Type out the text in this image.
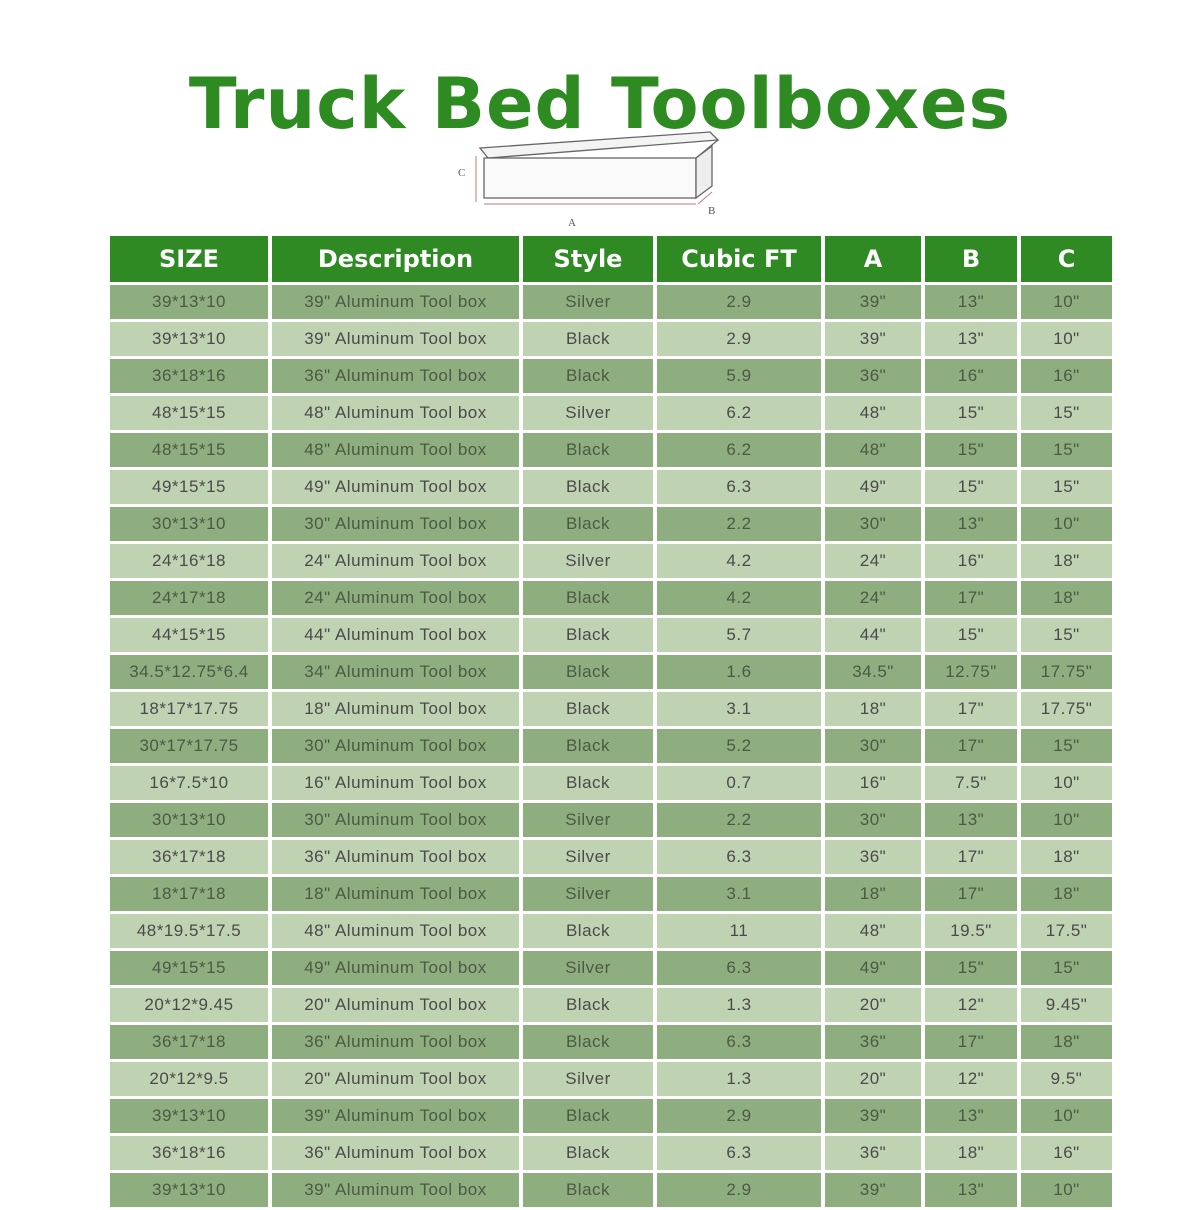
Truck Bed Toolboxes
C
A
B
SIZE	Description	Style	Cubic FT	A	B	C
39*13*10	39" Aluminum Tool box	Silver	2.9	39"	13"	10"
39*13*10	39" Aluminum Tool box	Black	2.9	39"	13"	10"
36*18*16	36" Aluminum Tool box	Black	5.9	36"	16"	16"
48*15*15	48" Aluminum Tool box	Silver	6.2	48"	15"	15"
48*15*15	48" Aluminum Tool box	Black	6.2	48"	15"	15"
49*15*15	49" Aluminum Tool box	Black	6.3	49"	15"	15"
30*13*10	30" Aluminum Tool box	Black	2.2	30"	13"	10"
24*16*18	24" Aluminum Tool box	Silver	4.2	24"	16"	18"
24*17*18	24" Aluminum Tool box	Black	4.2	24"	17"	18"
44*15*15	44" Aluminum Tool box	Black	5.7	44"	15"	15"
34.5*12.75*6.4	34" Aluminum Tool box	Black	1.6	34.5"	12.75"	17.75"
18*17*17.75	18" Aluminum Tool box	Black	3.1	18"	17"	17.75"
30*17*17.75	30" Aluminum Tool box	Black	5.2	30"	17"	15"
16*7.5*10	16" Aluminum Tool box	Black	0.7	16"	7.5"	10"
30*13*10	30" Aluminum Tool box	Silver	2.2	30"	13"	10"
36*17*18	36" Aluminum Tool box	Silver	6.3	36"	17"	18"
18*17*18	18" Aluminum Tool box	Silver	3.1	18"	17"	18"
48*19.5*17.5	48" Aluminum Tool box	Black	11	48"	19.5"	17.5"
49*15*15	49" Aluminum Tool box	Silver	6.3	49"	15"	15"
20*12*9.45	20" Aluminum Tool box	Black	1.3	20"	12"	9.45"
36*17*18	36" Aluminum Tool box	Black	6.3	36"	17"	18"
20*12*9.5	20" Aluminum Tool box	Silver	1.3	20"	12"	9.5"
39*13*10	39" Aluminum Tool box	Black	2.9	39"	13"	10"
36*18*16	36" Aluminum Tool box	Black	6.3	36"	18"	16"
39*13*10	39" Aluminum Tool box	Black	2.9	39"	13"	10"
